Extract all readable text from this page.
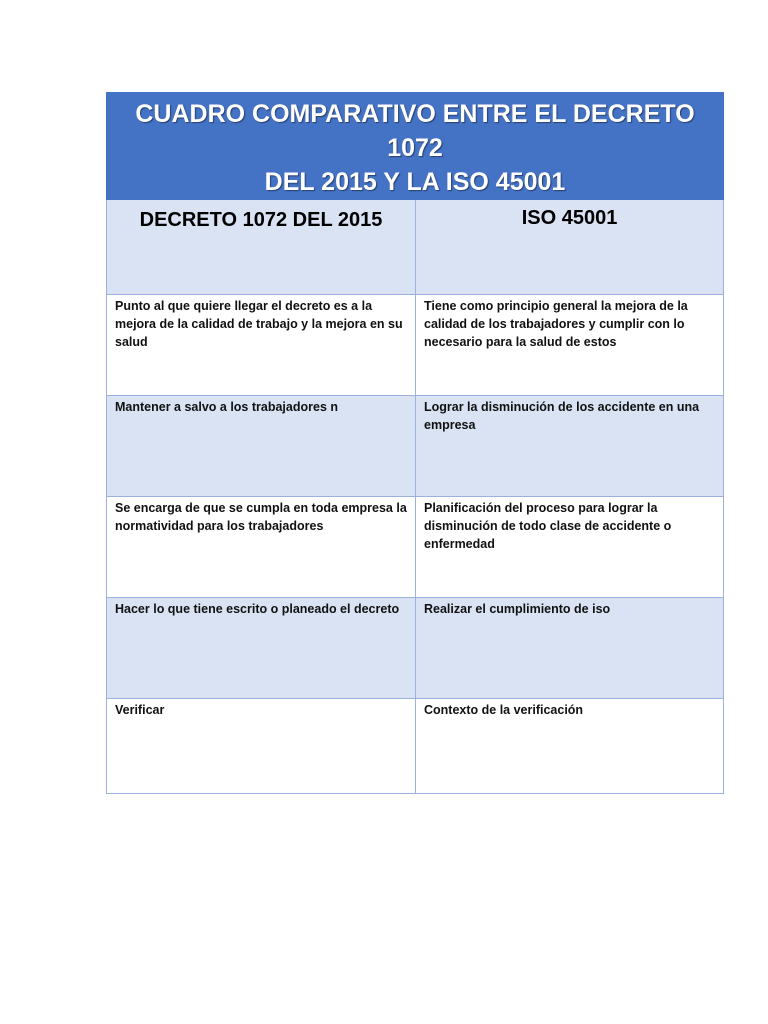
CUADRO COMPARATIVO ENTRE EL DECRETO 1072
DEL 2015 Y LA ISO 45001	

DECRETO 1072 DEL 2015	ISO 45001
Punto al que quiere llegar el decreto es a la mejora de la calidad de trabajo y la mejora en su salud	Tiene como principio general la mejora de la calidad de los trabajadores y cumplir con lo necesario para la salud de estos
Mantener a salvo a los trabajadores n	Lograr la disminución de los accidente en una empresa
Se encarga de que se cumpla en toda empresa la normatividad para los trabajadores	Planificación del proceso para lograr la disminución de todo clase de accidente o enfermedad
Hacer lo que tiene escrito o planeado el decreto	Realizar el cumplimiento de iso
Verificar	Contexto de la verificación
